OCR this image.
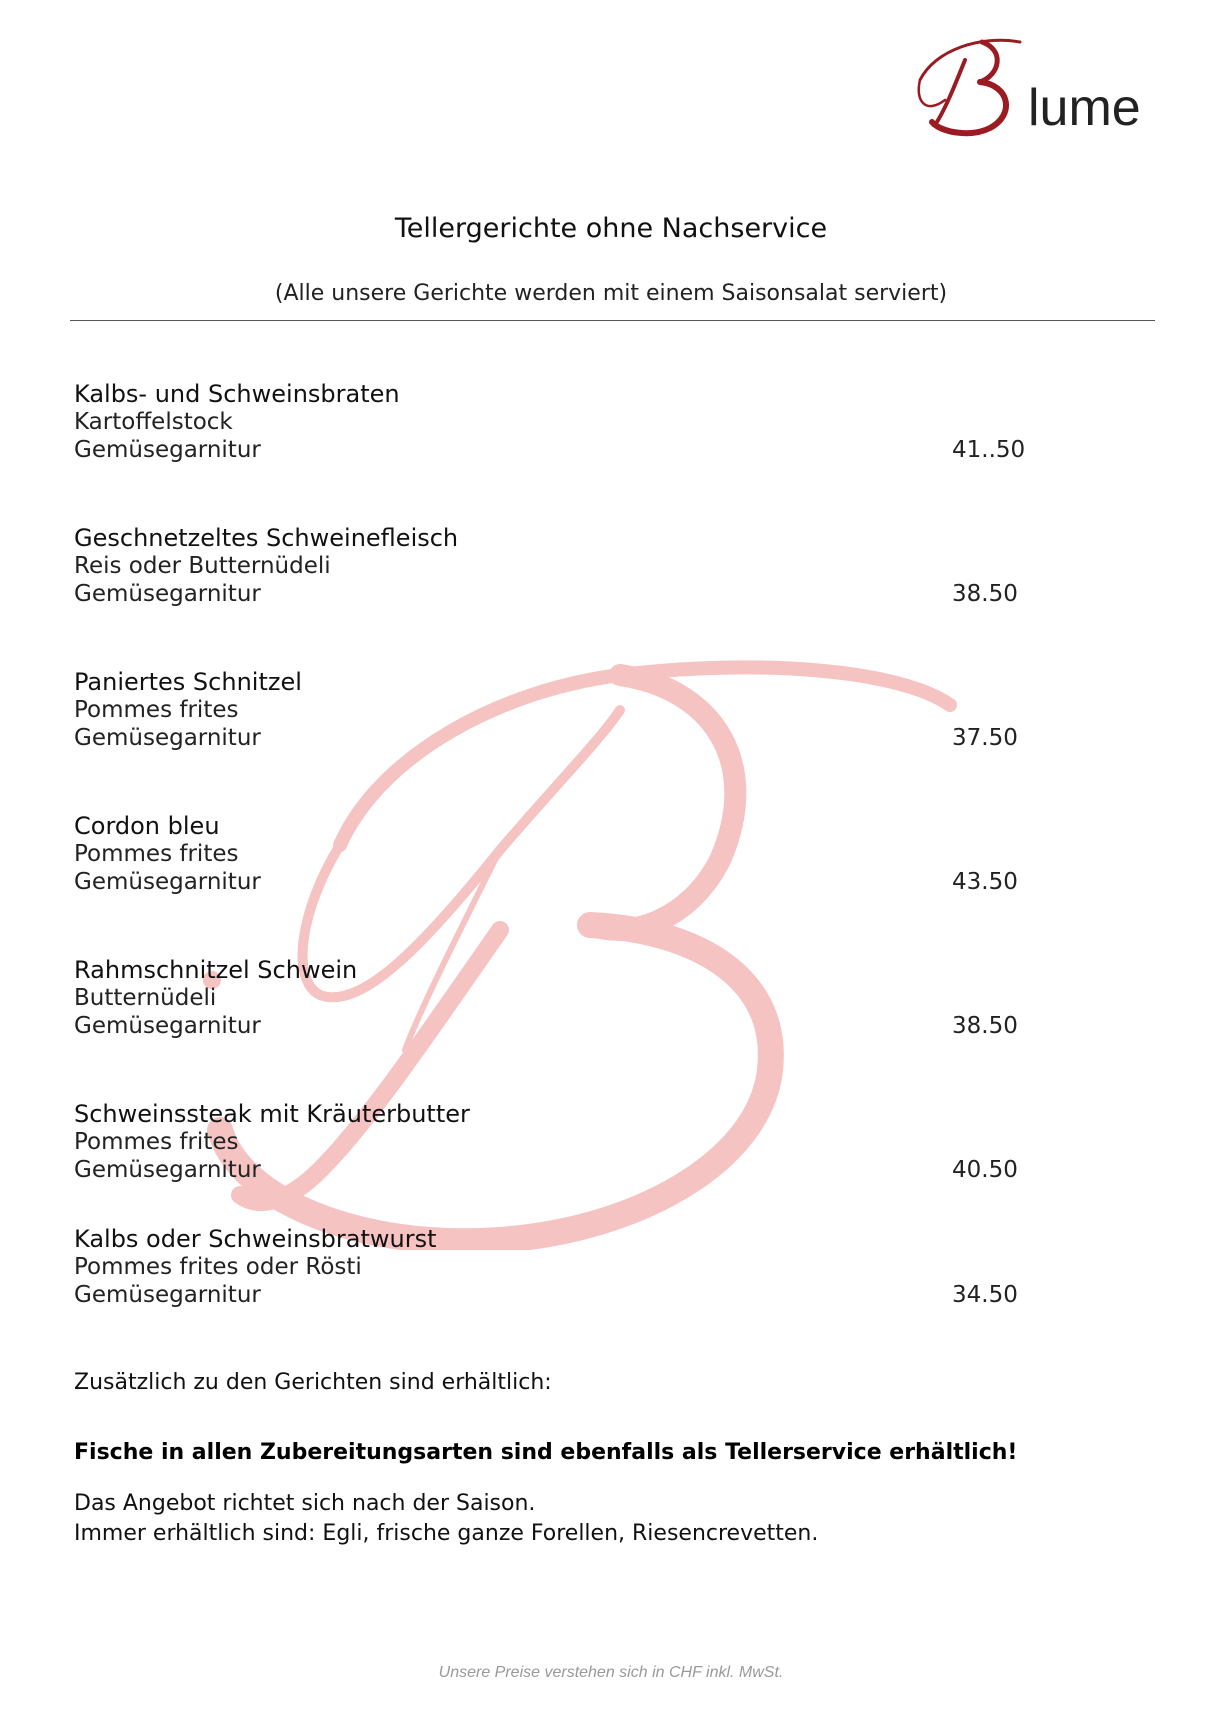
lume
Tellergerichte ohne Nachservice
(Alle unsere Gerichte werden mit einem Saisonsalat serviert)
Kalbs- und Schweinsbraten
Kartoffelstock
Gemüsegarnitur	41..50
Geschnetzeltes Schweinefleisch
Reis oder Butternüdeli
Gemüsegarnitur	38.50
Paniertes Schnitzel
Pommes frites
Gemüsegarnitur	37.50
Cordon bleu
Pommes frites
Gemüsegarnitur	43.50
Rahmschnitzel Schwein
Butternüdeli
Gemüsegarnitur	38.50
Schweinssteak mit Kräuterbutter
Pommes frites
Gemüsegarnitur	40.50
Kalbs oder Schweinsbratwurst
Pommes frites oder Rösti
Gemüsegarnitur	34.50

Zusätzlich zu den Gerichten sind erhältlich:

Fische in allen Zubereitungsarten sind ebenfalls als Tellerservice erhältlich!
Das Angebot richtet sich nach der Saison.
Immer erhältlich sind: Egli, frische ganze Forellen, Riesencrevetten.
Unsere Preise verstehen sich in CHF inkl. MwSt.
